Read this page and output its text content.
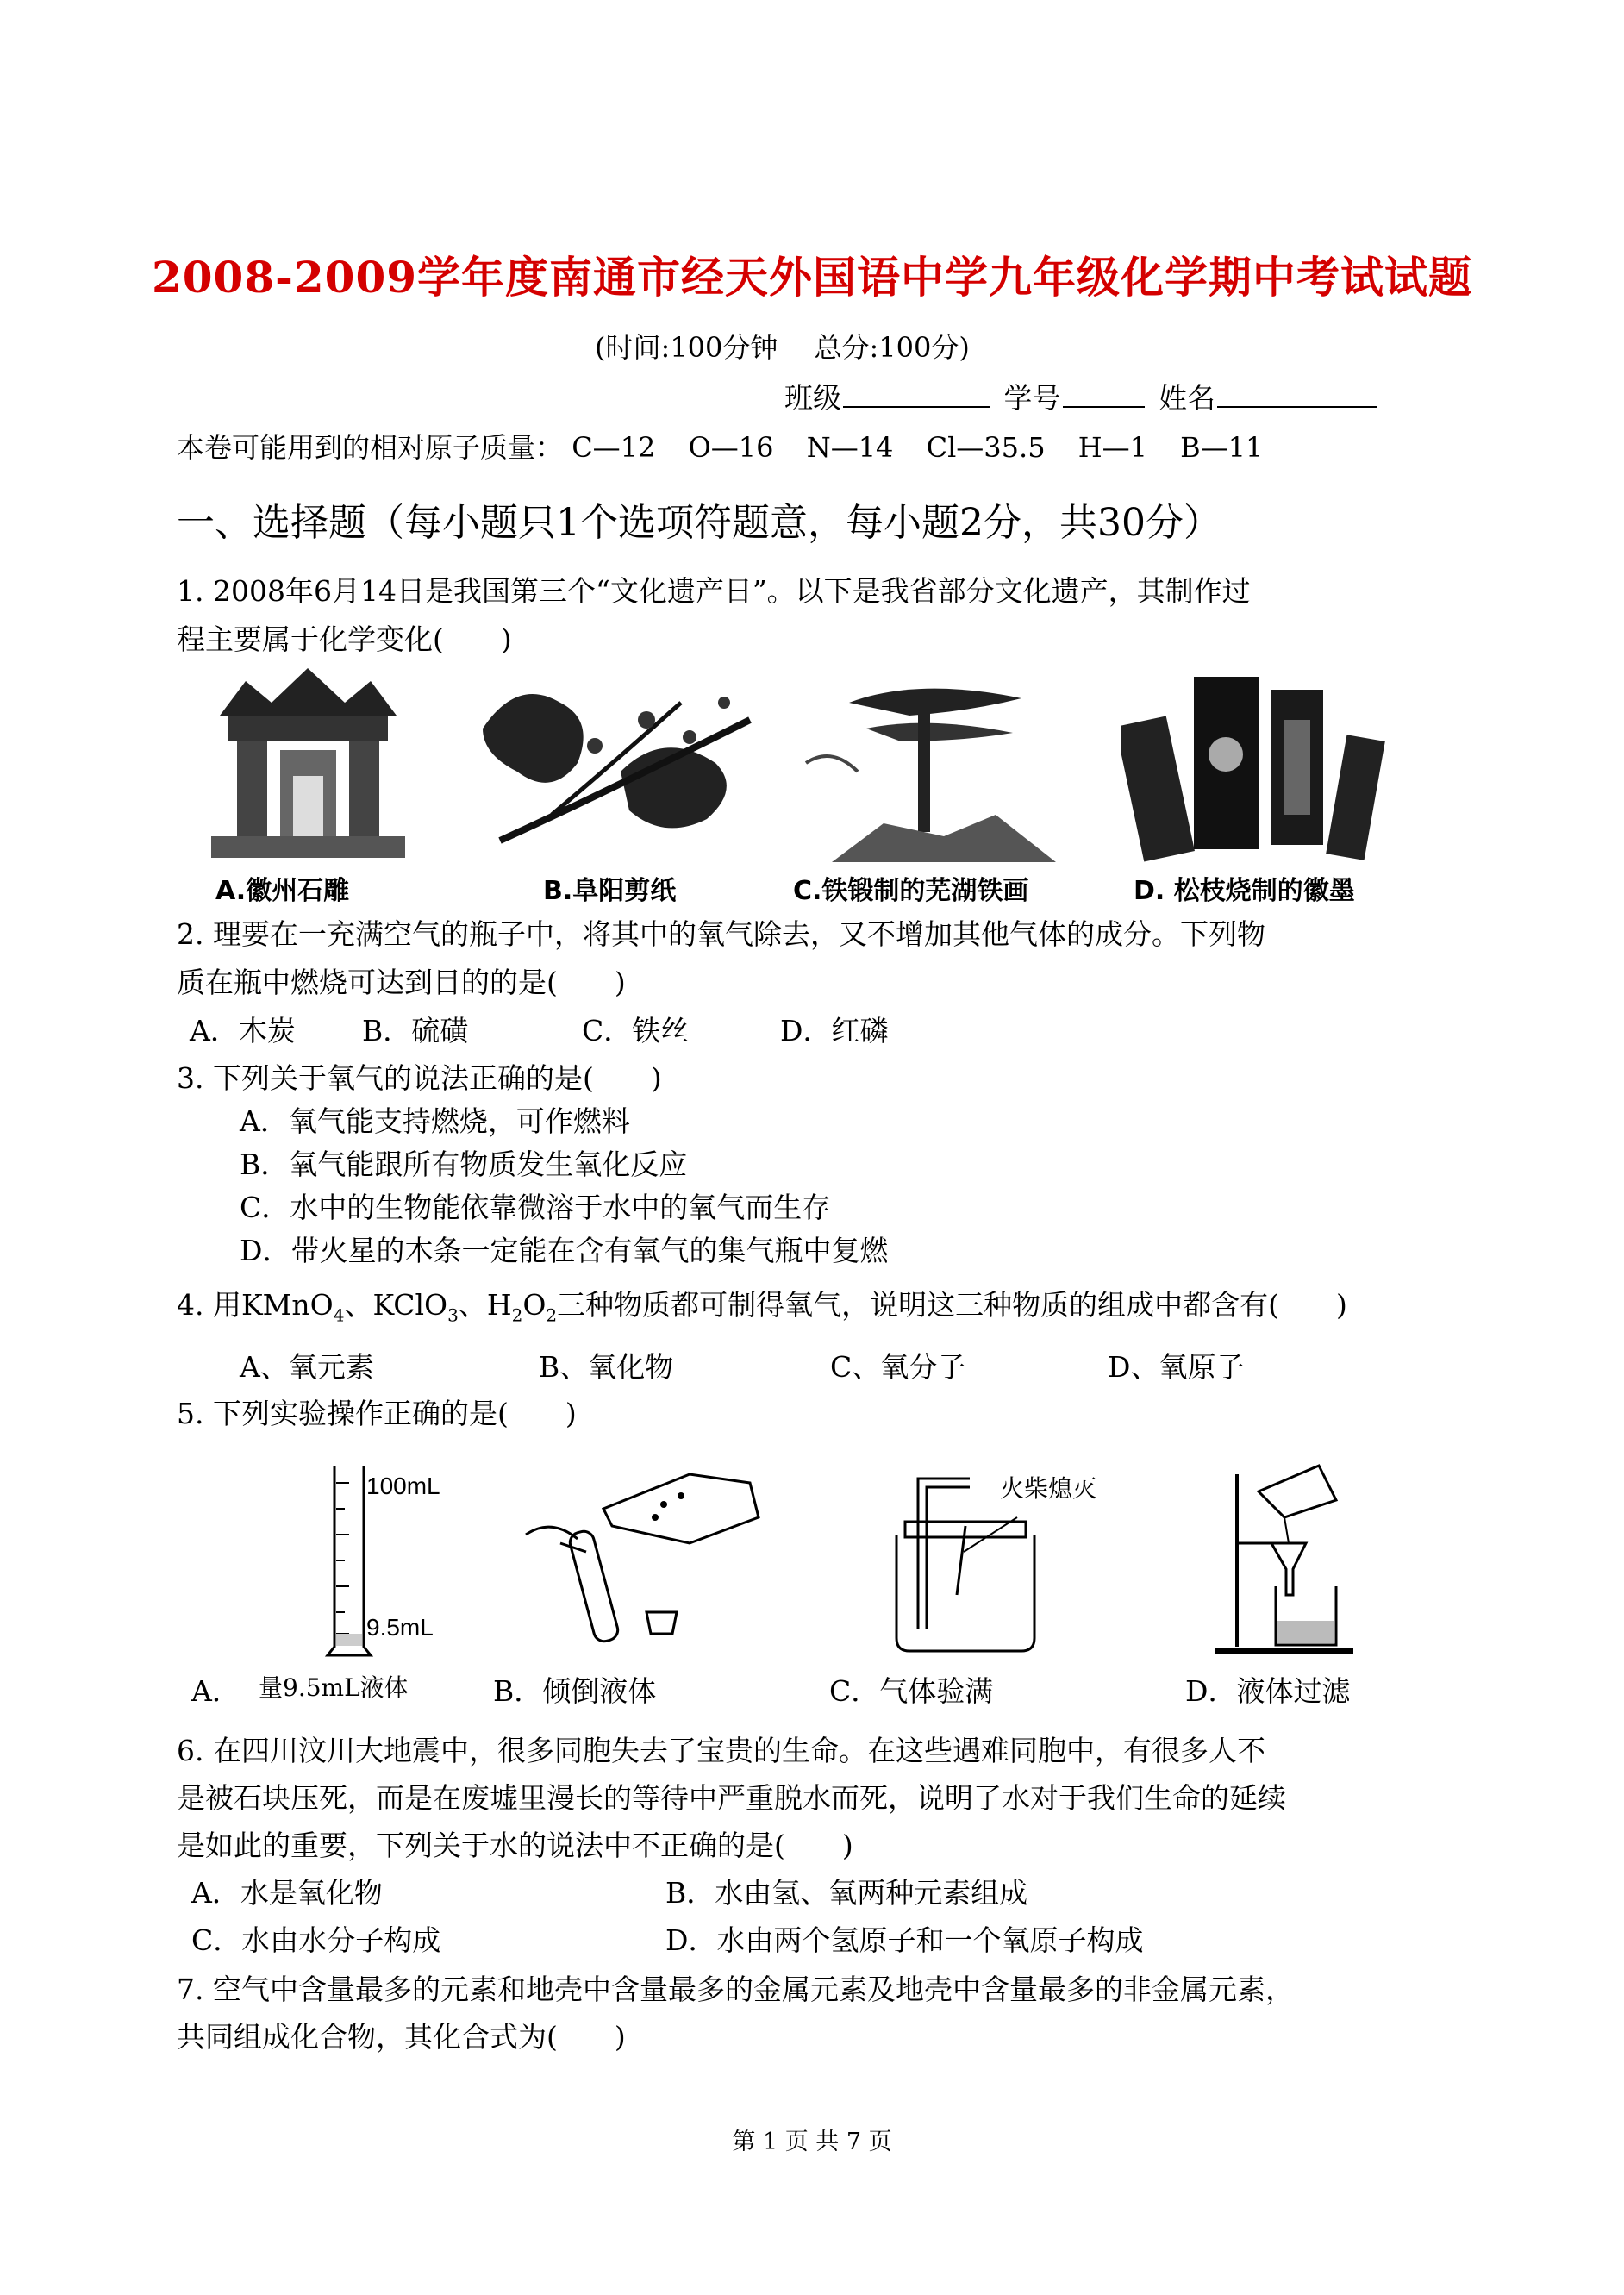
2008-2009学年度南通市经天外国语中学九年级化学期中考试试题
(时间:100分钟　 总分:100分)
班级	学号	姓名
本卷可能用到的相对原子质量： C—12 O—16 N—14 Cl—35.5 H—1 B—11
一、选择题（每小题只1个选项符题意，每小题2分，共30分）
1. 2008年6月14日是我国第三个“文化遗产日”。以下是我省部分文化遗产，其制作过
程主要属于化学变化(　　)
A.徽州石雕	B.阜阳剪纸	C.铁锻制的芜湖铁画	D. 松枝烧制的徽墨
2. 理要在一充满空气的瓶子中，将其中的氧气除去，又不增加其他气体的成分。下列物
质在瓶中燃烧可达到目的的是(　　)
A．木炭 B．硫磺	C．铁丝	D．红磷
3. 下列关于氧气的说法正确的是(　　)
A．氧气能支持燃烧，可作燃料
B．氧气能跟所有物质发生氧化反应
C．水中的生物能依靠微溶于水中的氧气而生存
D．带火星的木条一定能在含有氧气的集气瓶中复燃
4. 用KMnO$_4$、KClO$_3$、$H_2O_2$三种物质都可制得氧气，说明这三种物质的组成中都含有(　　)
A、氧元素	B、氧化物	C、氧分子	D、氧原子
5. 下列实验操作正确的是(　　)
100mL
9.5mL
火柴熄灭
A． 量9.5mL液体	B．倾倒液体	C．气体验满	D．液体过滤
6. 在四川汶川大地震中，很多同胞失去了宝贵的生命。在这些遇难同胞中，有很多人不
是被石块压死，而是在废墟里漫长的等待中严重脱水而死，说明了水对于我们生命的延续
是如此的重要，下列关于水的说法中不正确的是(　　)
A．水是氧化物	B．水由氢、氧两种元素组成
C．水由水分子构成	D．水由两个氢原子和一个氧原子构成
7. 空气中含量最多的元素和地壳中含量最多的金属元素及地壳中含量最多的非金属元素，
共同组成化合物，其化合式为(　　)
第 1 页 共 7 页
